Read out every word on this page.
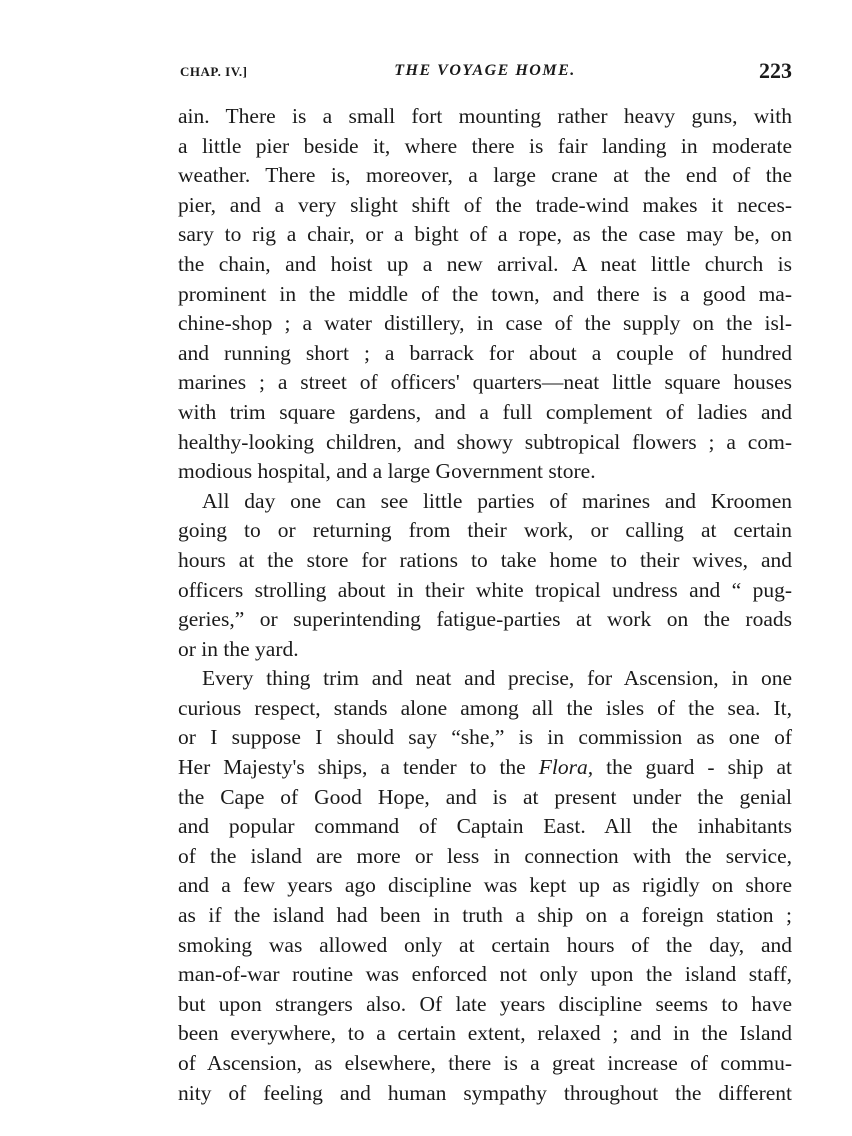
CHAP. IV.]	THE VOYAGE HOME.	223
ain. There is a small fort mounting rather heavy guns, with
a little pier beside it, where there is fair landing in moderate
weather. There is, moreover, a large crane at the end of the
pier, and a very slight shift of the trade-wind makes it neces-
sary to rig a chair, or a bight of a rope, as the case may be, on
the chain, and hoist up a new arrival. A neat little church is
prominent in the middle of the town, and there is a good ma-
chine-shop ; a water distillery, in case of the supply on the isl-
and running short ; a barrack for about a couple of hundred
marines ; a street of officers' quarters—neat little square houses
with trim square gardens, and a full complement of ladies and
healthy-looking children, and showy subtropical flowers ; a com-
modious hospital, and a large Government store.
All day one can see little parties of marines and Kroomen
going to or returning from their work, or calling at certain
hours at the store for rations to take home to their wives, and
officers strolling about in their white tropical undress and “ pug-
geries,” or superintending fatigue-parties at work on the roads
or in the yard.
Every thing trim and neat and precise, for Ascension, in one
curious respect, stands alone among all the isles of the sea. It,
or I suppose I should say “she,” is in commission as one of
Her Majesty's ships, a tender to the Flora, the guard - ship at
the Cape of Good Hope, and is at present under the genial
and popular command of Captain East. All the inhabitants
of the island are more or less in connection with the service,
and a few years ago discipline was kept up as rigidly on shore
as if the island had been in truth a ship on a foreign station ;
smoking was allowed only at certain hours of the day, and
man-of-war routine was enforced not only upon the island staff,
but upon strangers also. Of late years discipline seems to have
been everywhere, to a certain extent, relaxed ; and in the Island
of Ascension, as elsewhere, there is a great increase of commu-
nity of feeling and human sympathy throughout the different
